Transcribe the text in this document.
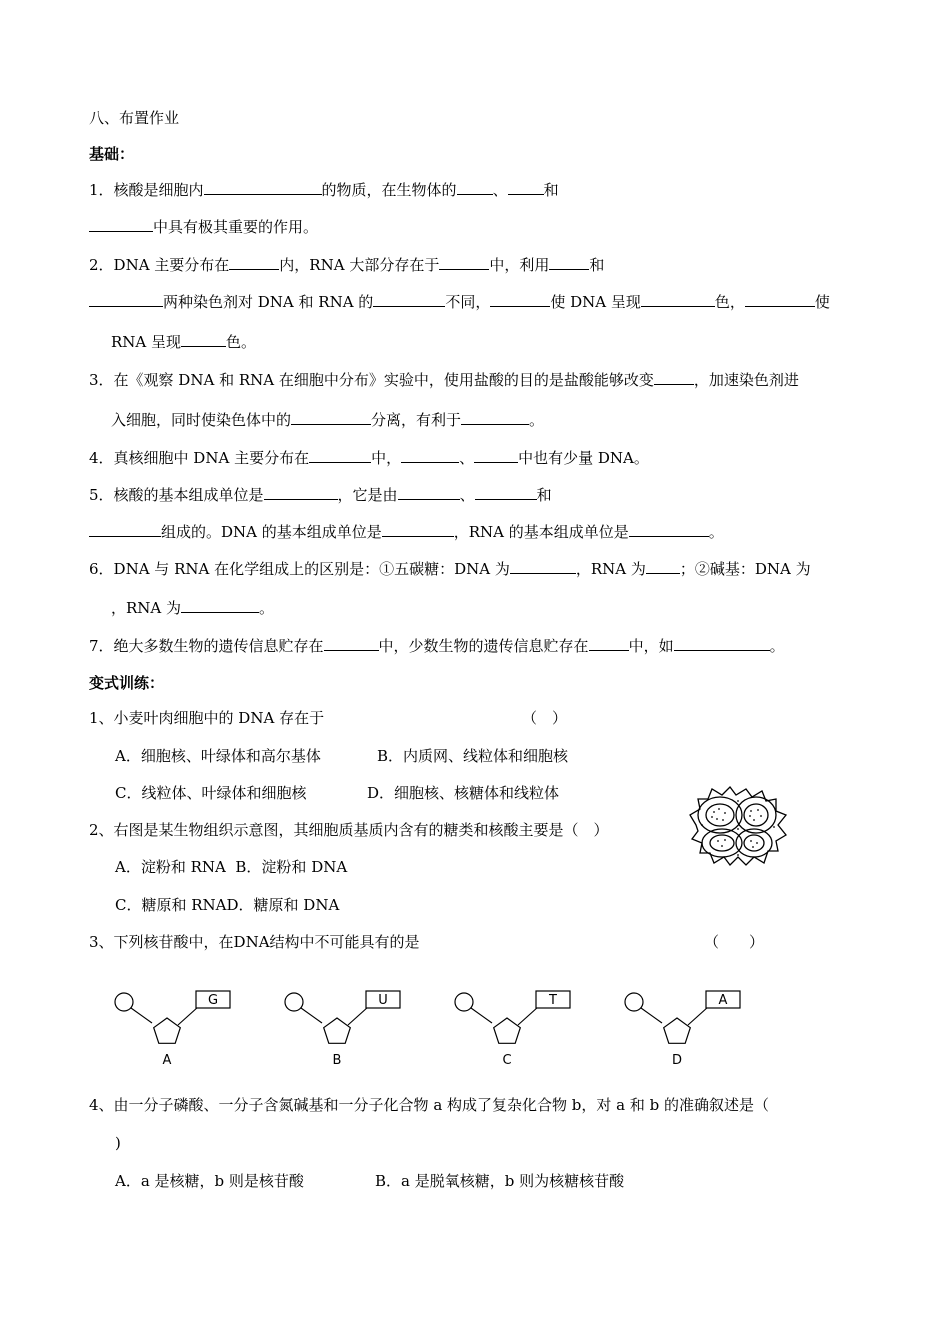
八、布置作业
基础：
1．核酸是细胞内	的物质，在生物体的 、 和
中具有极其重要的作用。
2．DNA 主要分布在	内，RNA 大部分存在于	中，利用	和
两种染色剂对 DNA 和 RNA 的	不同，	使 DNA 呈现	色，	使
RNA 呈现	色。
3．在《观察 DNA 和 RNA 在细胞中分布》实验中，使用盐酸的目的是盐酸能够改变	，加速染色剂进
入细胞，同时使染色体中的	分离，有利于	。
4．真核细胞中 DNA 主要分布在	中，	、	中也有少量 DNA。
5．核酸的基本组成单位是	，它是由	、	和
组成的。DNA 的基本组成单位是	，RNA 的基本组成单位是	。
6．DNA 与 RNA 在化学组成上的区别是：①五碳糖：DNA 为	，RNA 为 ；②碱基：DNA 为
，RNA 为	。
7．绝大多数生物的遗传信息贮存在	中，少数生物的遗传信息贮存在	中，如	。
变式训练：
1、小麦叶肉细胞中的 DNA 存在于	（　）
A．细胞核、叶绿体和高尔基体	B．内质网、线粒体和细胞核
C．线粒体、叶绿体和细胞核	D．细胞核、核糖体和线粒体
2、右图是某生物组织示意图，其细胞质基质内含有的糖类和核酸主要是（　）
A．淀粉和 RNA B．淀粉和 DNA
C．糖原和 RNAD．糖原和 DNA
3、下列核苷酸中，在DNA结构中不可能具有的是	（　　）
G
A
U
B
T
C
A
D
4、由一分子磷酸、一分子含氮碱基和一分子化合物 a 构成了复杂化合物 b，对 a 和 b 的准确叙述是（
)
A．a 是核糖，b 则是核苷酸	B．a 是脱氧核糖，b 则为核糖核苷酸
